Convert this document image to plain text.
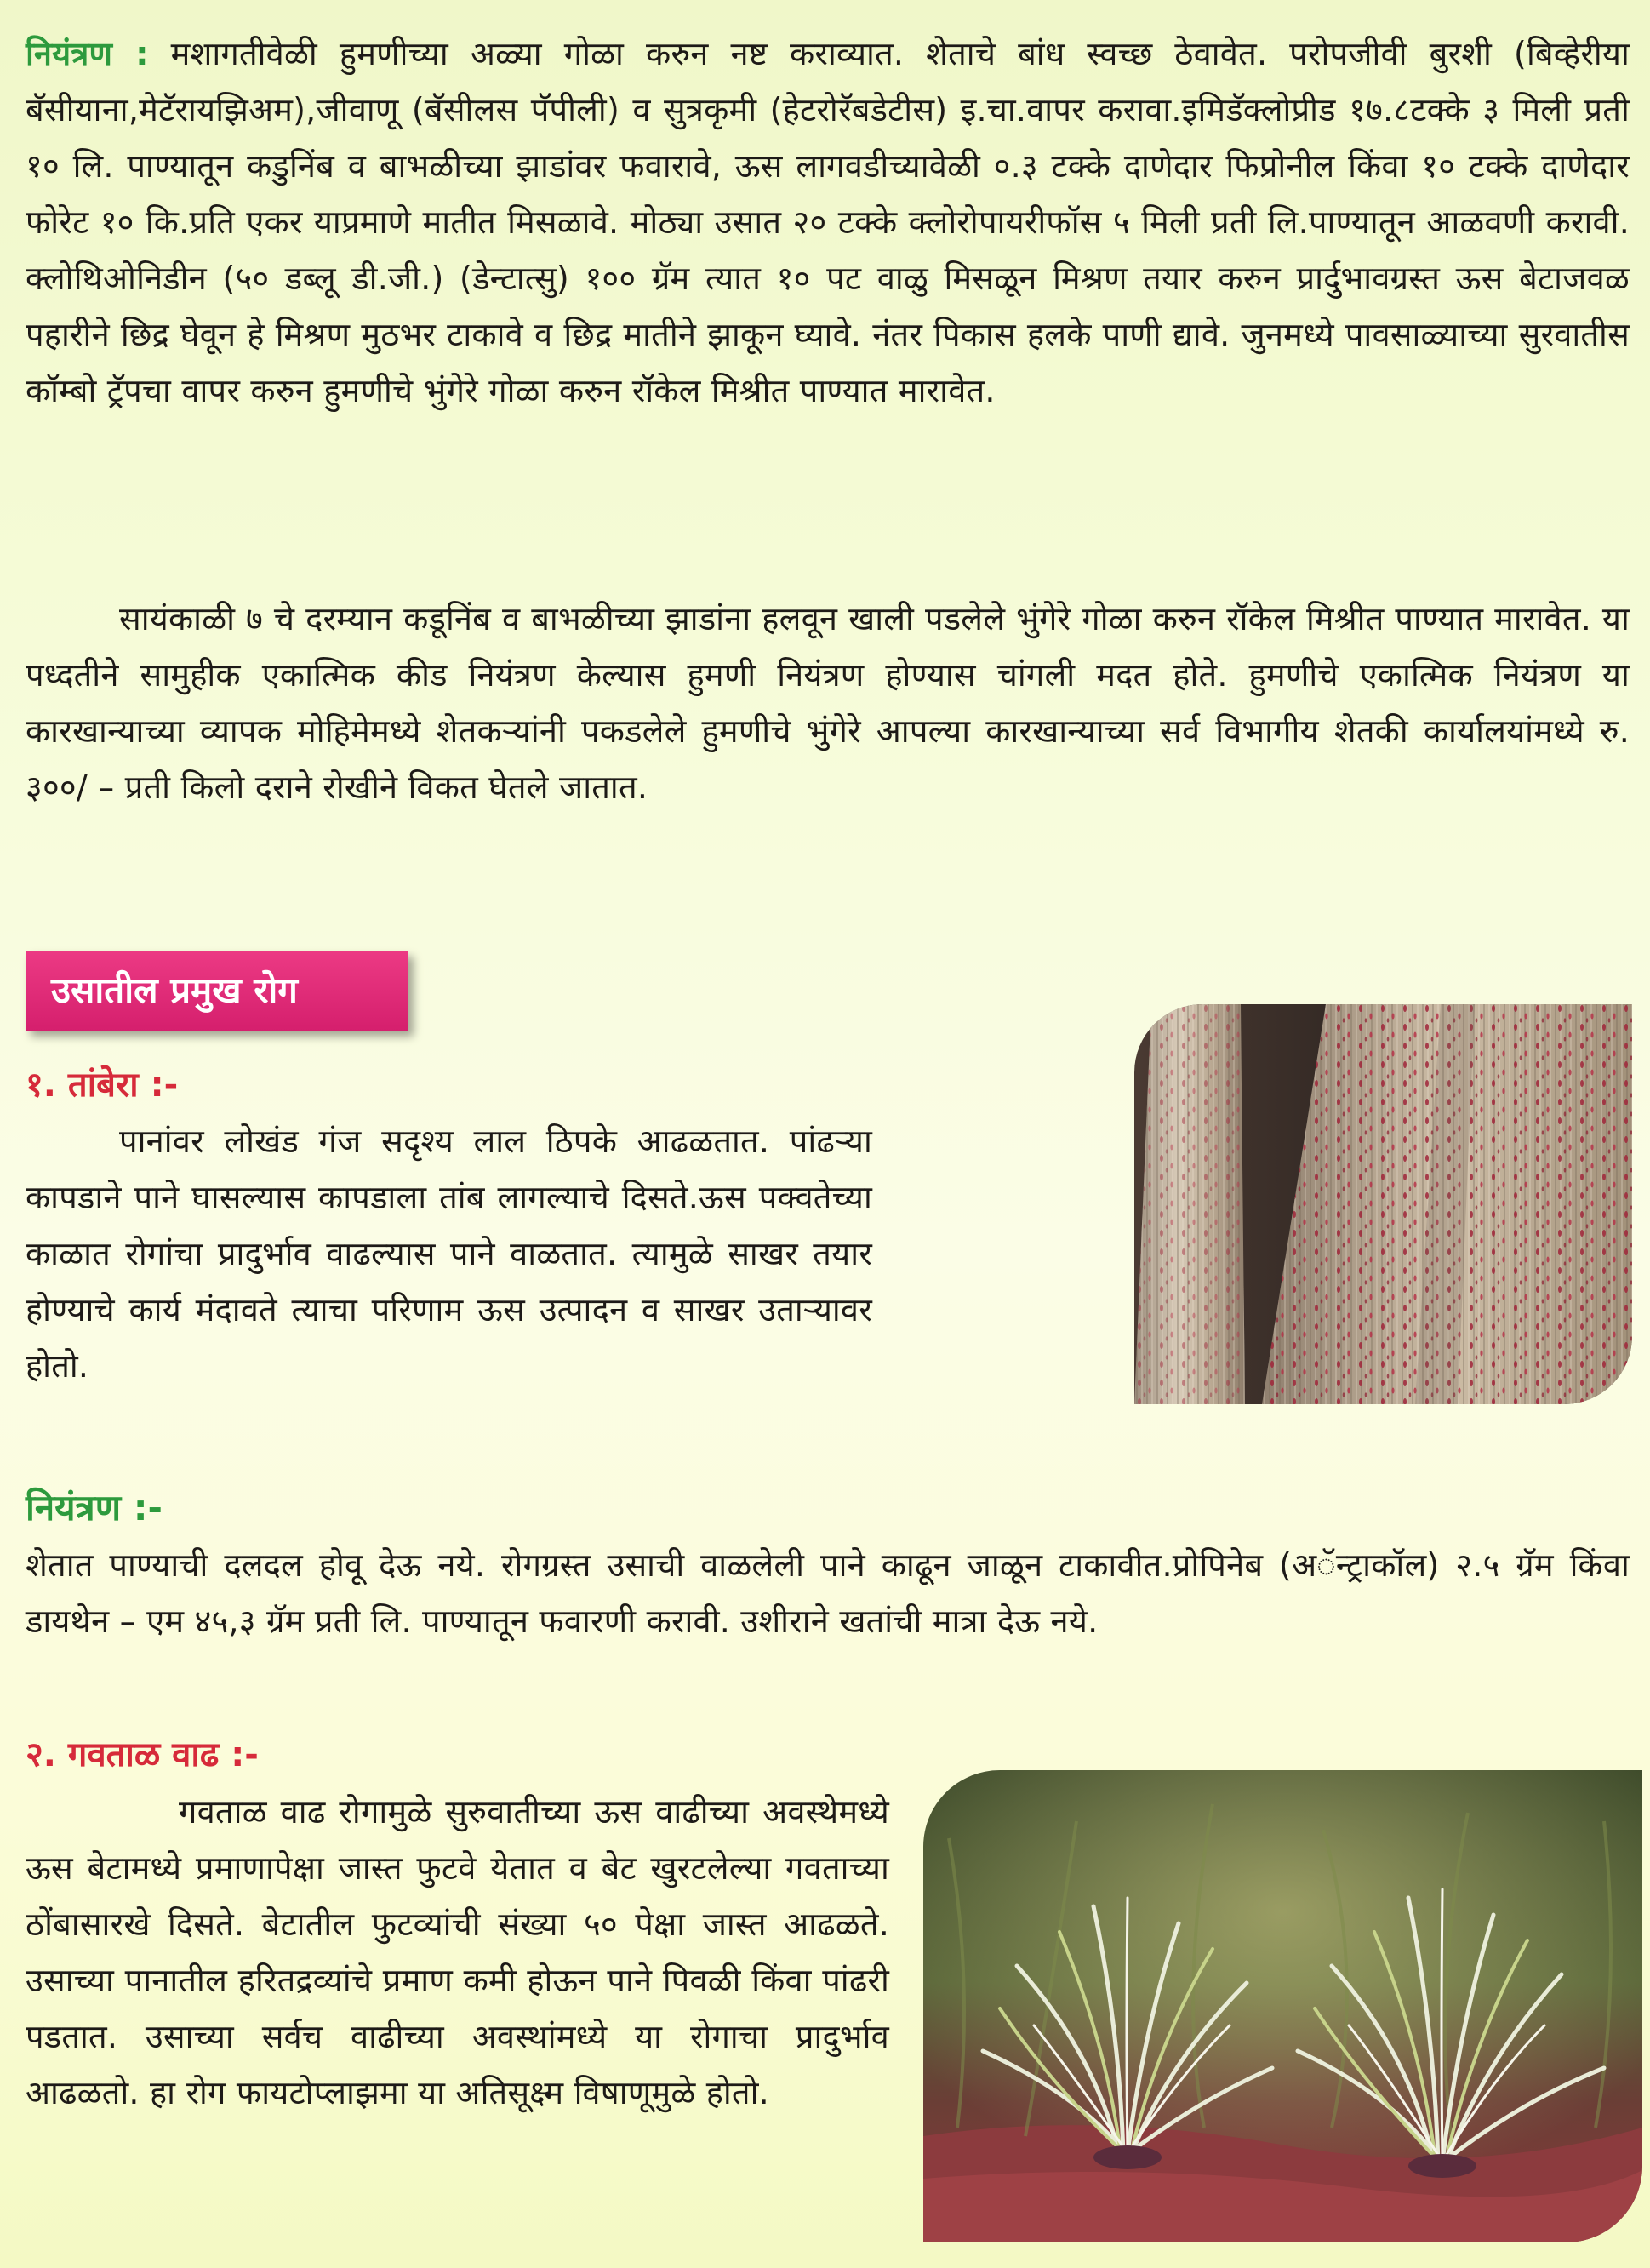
नियंत्रण : मशागतीवेळी हुमणीच्या अळ्या गोळा करुन नष्ट कराव्यात. शेताचे बांध स्वच्छ ठेवावेत. परोपजीवी बुरशी (बिव्हेरीया बॅसीयाना,मेटॅरायझिअम),जीवाणू (बॅसीलस पॅपीली) व सुत्रकृमी (हेटरोरॅबडेटीस) इ.चा.वापर करावा.इमिडॅक्लोप्रीड १७.८टक्के ३ मिली प्रती १० लि. पाण्यातून कडुनिंब व बाभळीच्या झाडांवर फवारावे, ऊस लागवडीच्यावेळी ०.३ टक्के दाणेदार फिप्रोनील किंवा १० टक्के दाणेदार फोरेट १० कि.प्रति एकर याप्रमाणे मातीत मिसळावे. मोठ्या उसात २० टक्के क्लोरोपायरीफॉस ५ मिली प्रती लि.पाण्यातून आळवणी करावी. क्लोथिओनिडीन (५० डब्लू डी.जी.) (डेन्टात्सु) १०० ग्रॅम त्यात १० पट वाळु मिसळून मिश्रण तयार करुन प्रार्दुभावग्रस्त ऊस बेटाजवळ पहारीने छिद्र घेवून हे मिश्रण मुठभर टाकावे व छिद्र मातीने झाकून घ्यावे. नंतर पिकास हलके पाणी द्यावे. जुनमध्ये पावसाळ्याच्या सुरवातीस कॉम्बो ट्रॅपचा वापर करुन हुमणीचे भुंगेरे गोळा करुन रॉकेल मिश्रीत पाण्यात मारावेत.

सायंकाळी ७ चे दरम्यान कडूनिंब व बाभळीच्या झाडांना हलवून खाली पडलेले भुंगेरे गोळा करुन रॉकेल मिश्रीत पाण्यात मारावेत. या पध्दतीने सामुहीक एकात्मिक कीड नियंत्रण केल्यास हुमणी नियंत्रण होण्यास चांगली मदत होते. हुमणीचे एकात्मिक नियंत्रण या कारखान्याच्या व्यापक मोहिमेमध्ये शेतकऱ्यांनी पकडलेले हुमणीचे भुंगेरे आपल्या कारखान्याच्या सर्व विभागीय शेतकी कार्यालयांमध्ये रु. ३००/ – प्रती किलो दराने रोखीने विकत घेतले जातात.

उसातील प्रमुख रोग
१. तांबेरा :-

पानांवर लोखंड गंज सदृश्य लाल ठिपके आढळतात. पांढऱ्या कापडाने पाने घासल्यास कापडाला तांब लागल्याचे दिसते.ऊस पक्वतेच्या काळात रोगांचा प्रादुर्भाव वाढल्यास पाने वाळतात. त्यामुळे साखर तयार होण्याचे कार्य मंदावते त्याचा परिणाम ऊस उत्पादन व साखर उताऱ्यावर होतो.

नियंत्रण :-

शेतात पाण्याची दलदल होवू देऊ नये. रोगग्रस्त उसाची वाळलेली पाने काढून जाळून टाकावीत.प्रोपिनेब (अॅन्ट्राकॉल) २.५ ग्रॅम किंवा डायथेन – एम ४५,३ ग्रॅम प्रती लि. पाण्यातून फवारणी करावी. उशीराने खतांची मात्रा देऊ नये.

२. गवताळ वाढ :-

गवताळ वाढ रोगामुळे सुरुवातीच्या ऊस वाढीच्या अवस्थेमध्ये ऊस बेटामध्ये प्रमाणापेक्षा जास्त फुटवे येतात व बेट खुरटलेल्या गवताच्या ठोंबासारखे दिसते. बेटातील फुटव्यांची संख्या ५० पेक्षा जास्त आढळते. उसाच्या पानातील हरितद्रव्यांचे प्रमाण कमी होऊन पाने पिवळी किंवा पांढरी पडतात. उसाच्या सर्वच वाढीच्या अवस्थांमध्ये या रोगाचा प्रादुर्भाव आढळतो. हा रोग फायटोप्लाझमा या अतिसूक्ष्म विषाणूमुळे होतो.
